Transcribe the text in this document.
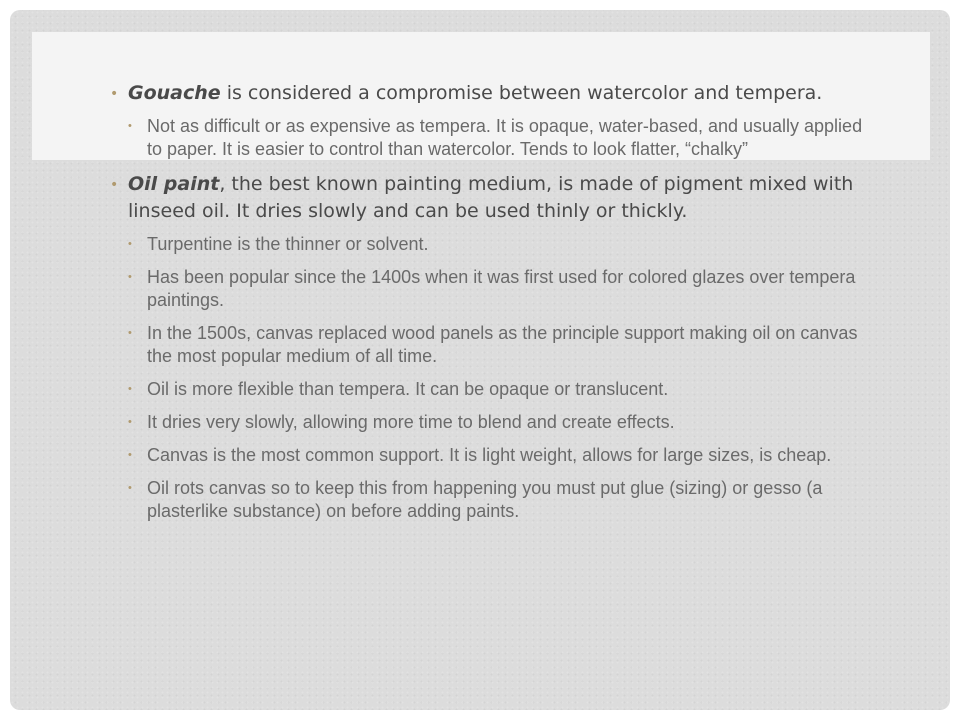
• Gouache is considered a compromise between watercolor and tempera.
• Not as difficult or as expensive as tempera. It is opaque, water-based, and usually applied to paper. It is easier to control than watercolor. Tends to look flatter, “chalky”
• Oil paint, the best known painting medium, is made of pigment mixed with linseed oil. It dries slowly and can be used thinly or thickly.
• Turpentine is the thinner or solvent.
• Has been popular since the 1400s when it was first used for colored glazes over tempera paintings.
• In the 1500s, canvas replaced wood panels as the principle support making oil on canvas the most popular medium of all time.
• Oil is more flexible than tempera. It can be opaque or translucent.
• It dries very slowly, allowing more time to blend and create effects.
• Canvas is the most common support. It is light weight, allows for large sizes, is cheap.
• Oil rots canvas so to keep this from happening you must put glue (sizing) or gesso (a plasterlike substance) on before adding paints.
